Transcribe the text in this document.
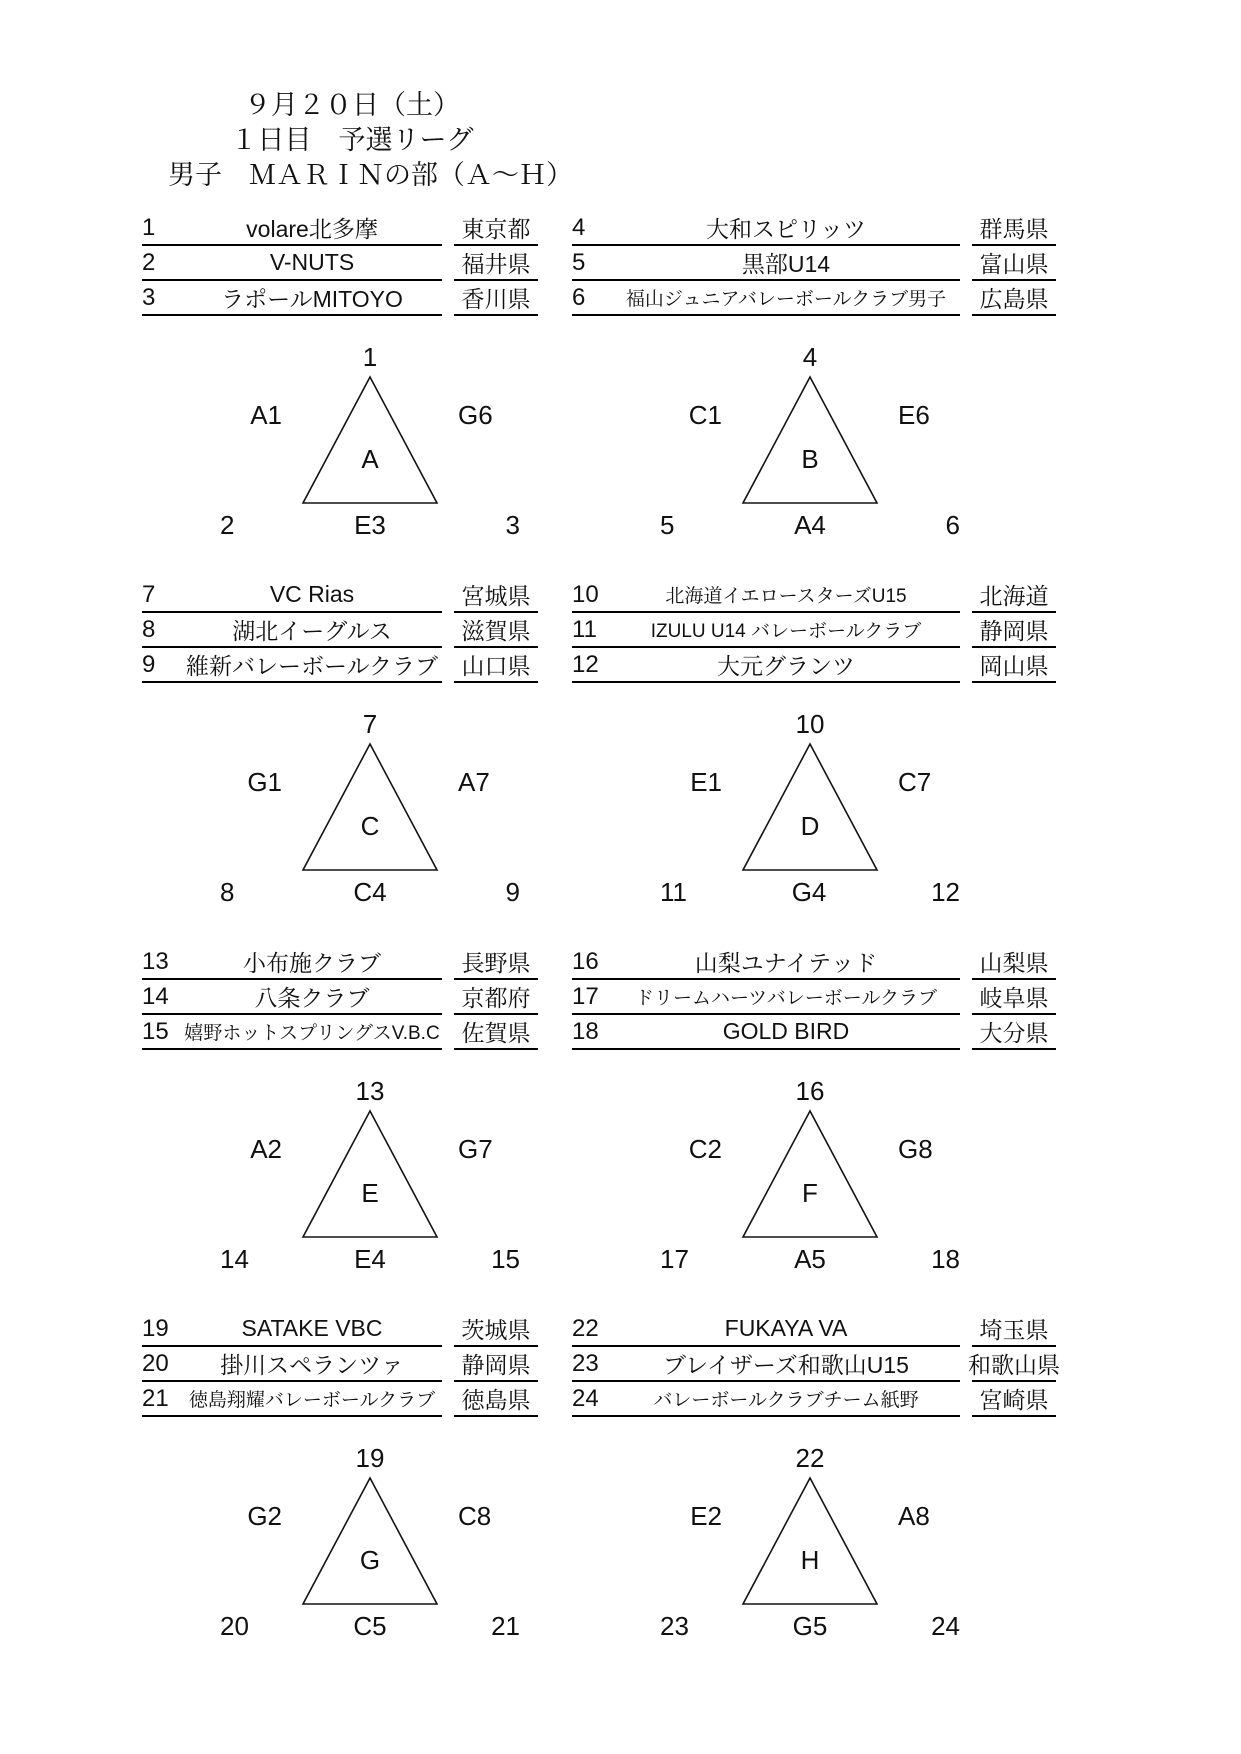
９月２０日（土）
１日目　予選リーグ
男子　ＭＡＲＩＮの部（Ａ～Ｈ）
1	volare北多摩	東京都
2	V-NUTS	福井県
3	ラポールMITOYO	香川県
4	大和スピリッツ	群馬県
5	黒部U14	富山県
6	福山ジュニアバレーボールクラブ男子	広島県
1
A1	G6
A
2	E3	3
4
C1	E6
B
5	A4	6
7	VC Rias	宮城県
8	湖北イーグルス	滋賀県
9	維新バレーボールクラブ	山口県
10	北海道イエロースターズU15	北海道
11	IZULU U14 バレーボールクラブ	静岡県
12	大元グランツ	岡山県
7
G1	A7
C
8	C4	9
10
E1	C7
D
11	G4	12
13	小布施クラブ	長野県
14	八条クラブ	京都府
15 嬉野ホットスプリングスV.B.C 佐賀県
16	山梨ユナイテッド	山梨県
17	ドリームハーツバレーボールクラブ	岐阜県
18	GOLD BIRD	大分県
13
A2	G7
E
14	E4	15
16
C2	G8
F
17	A5	18
19	SATAKE VBC	茨城県
20	掛川スペランツァ	静岡県
21	徳島翔耀バレーボールクラブ	徳島県
22	FUKAYA VA	埼玉県
23	ブレイザーズ和歌山U15	和歌山県
24	バレーボールクラブチーム紙野	宮崎県
19
G2	C8
G
20	C5	21
22
E2	A8
H
23	G5	24
